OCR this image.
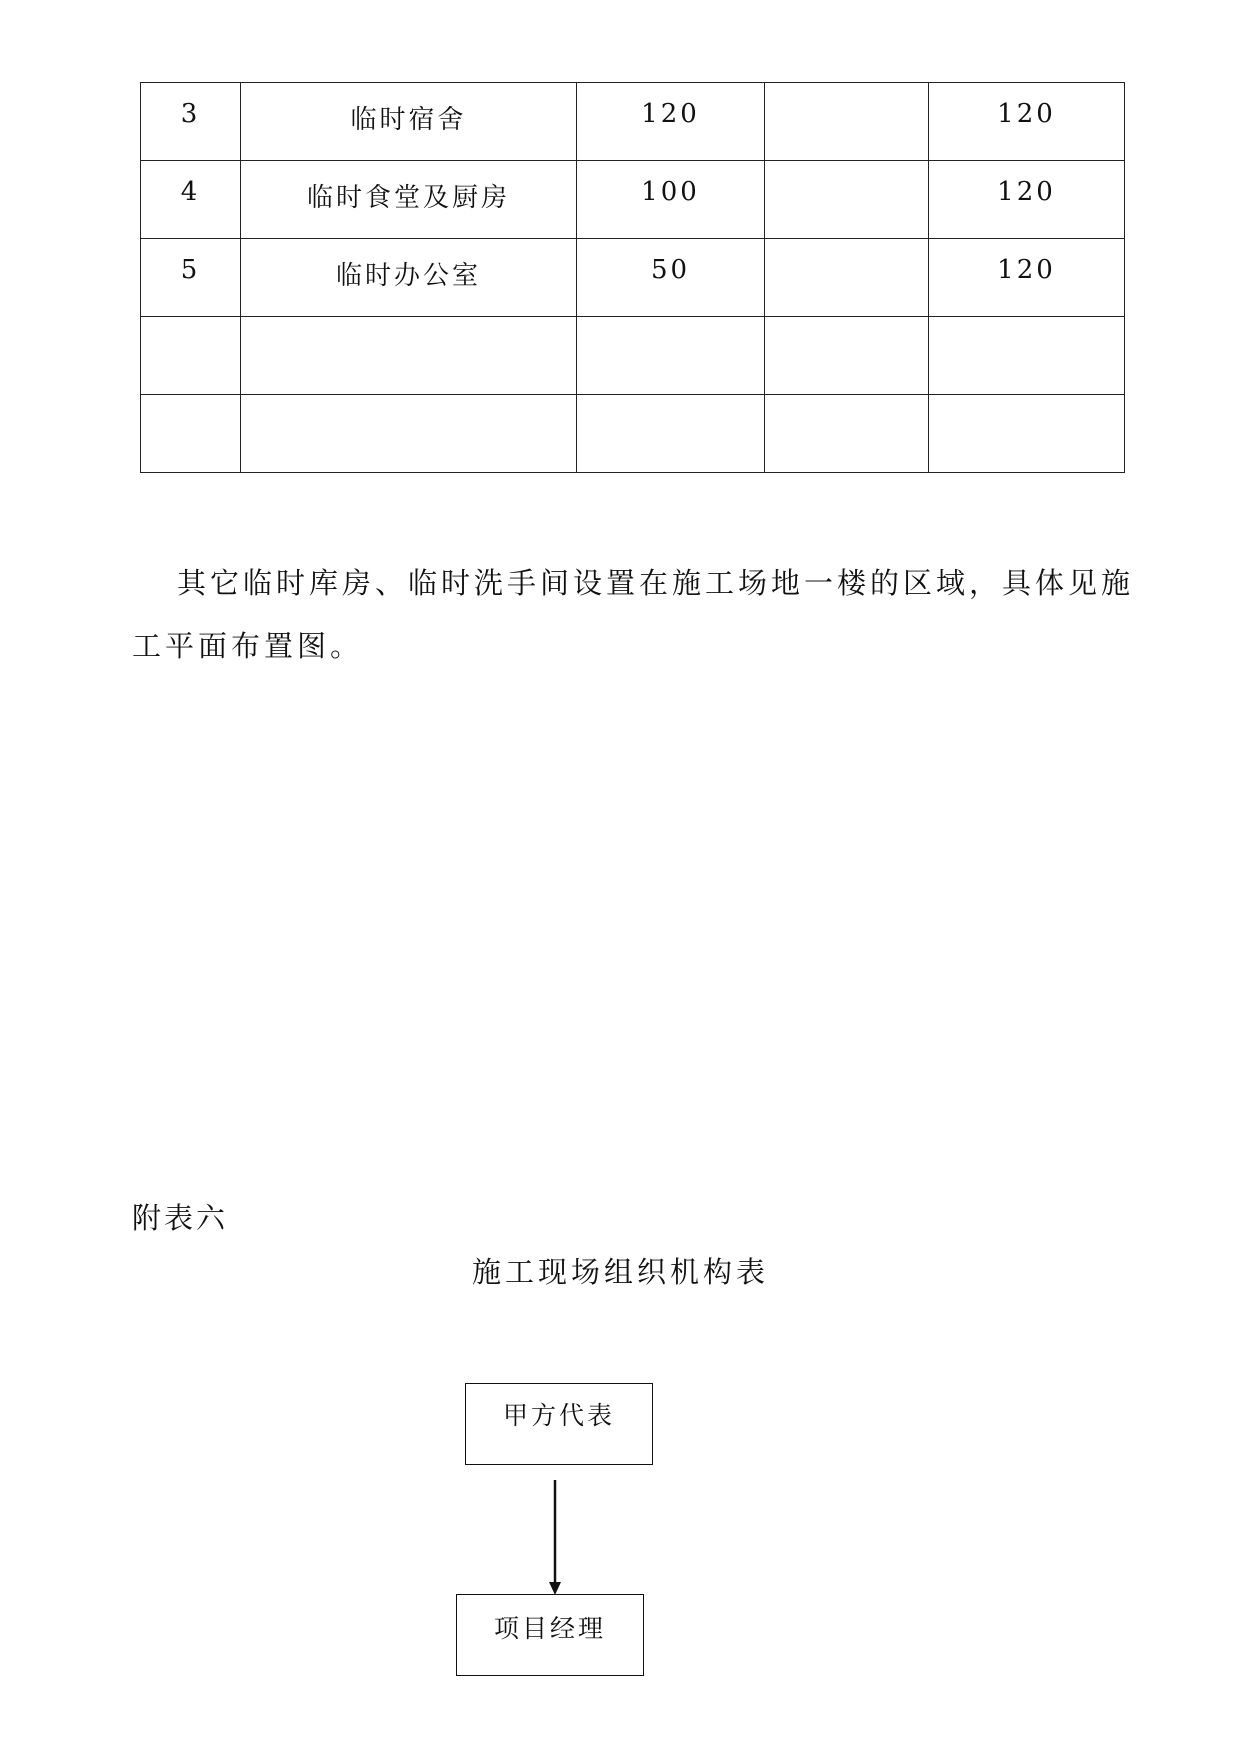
3	临时宿舍	120		120
4	临时食堂及厨房	100		120
5	临时办公室	50		120

其它临时库房、临时洗手间设置在施工场地一楼的区域，具体见施工平面布置图。

附表六
施工现场组织机构表
甲方代表
项目经理
